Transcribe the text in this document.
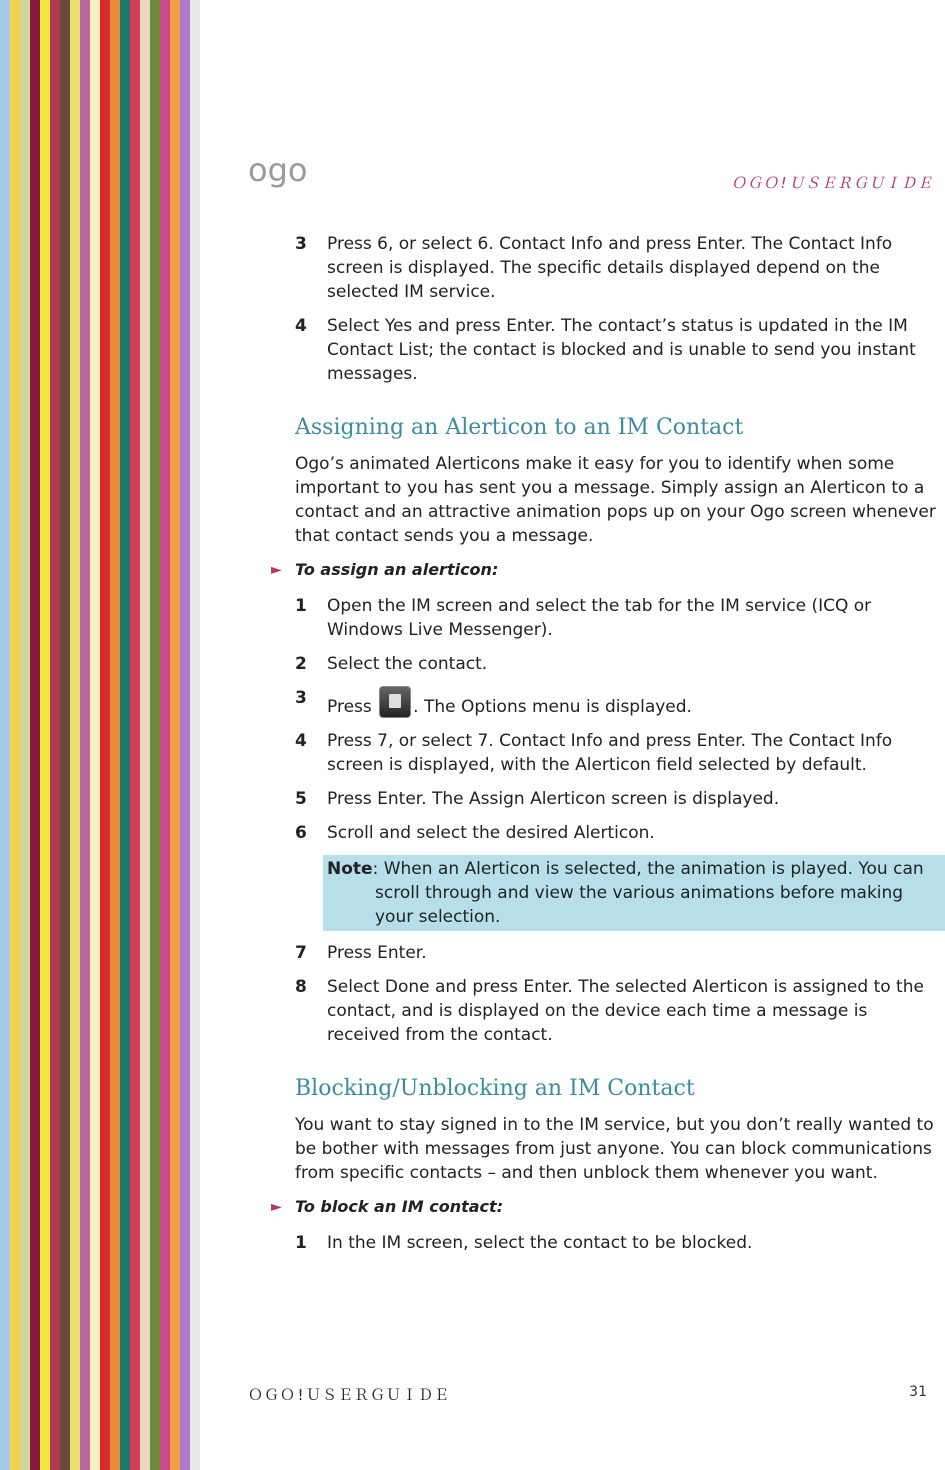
ogo	ＯＧＯ!ＵＳＥＲＧＵＩＤＥ
3 Press 6, or select 6. Contact Info and press Enter. The Contact Info screen is displayed. The specific details displayed depend on the selected IM service.
4 Select Yes and press Enter. The contact’s status is updated in the IM Contact List; the contact is blocked and is unable to send you instant messages.
Assigning an Alerticon to an IM Contact

Ogo’s animated Alerticons make it easy for you to identify when some important to you has sent you a message. Simply assign an Alerticon to a contact and an attractive animation pops up on your Ogo screen whenever that contact sends you a message.

► To assign an alerticon:
1 Open the IM screen and select the tab for the IM service (ICQ or Windows Live Messenger).
2 Select the contact.
3 Press . The Options menu is displayed.
4 Press 7, or select 7. Contact Info and press Enter. The Contact Info screen is displayed, with the Alerticon field selected by default.
5 Press Enter. The Assign Alerticon screen is displayed.
6 Scroll and select the desired Alerticon.
Note: When an Alerticon is selected, the animation is played. You can scroll through and view the various animations before making your selection.
7 Press Enter.
8 Select Done and press Enter. The selected Alerticon is assigned to the contact, and is displayed on the device each time a message is received from the contact.
Blocking/Unblocking an IM Contact

You want to stay signed in to the IM service, but you don’t really wanted to be bother with messages from just anyone. You can block communications from specific contacts – and then unblock them whenever you want.

► To block an IM contact:
1 In the IM screen, select the contact to be blocked.
ＯＧＯ!ＵＳＥＲＧＵＩＤＥ	31
